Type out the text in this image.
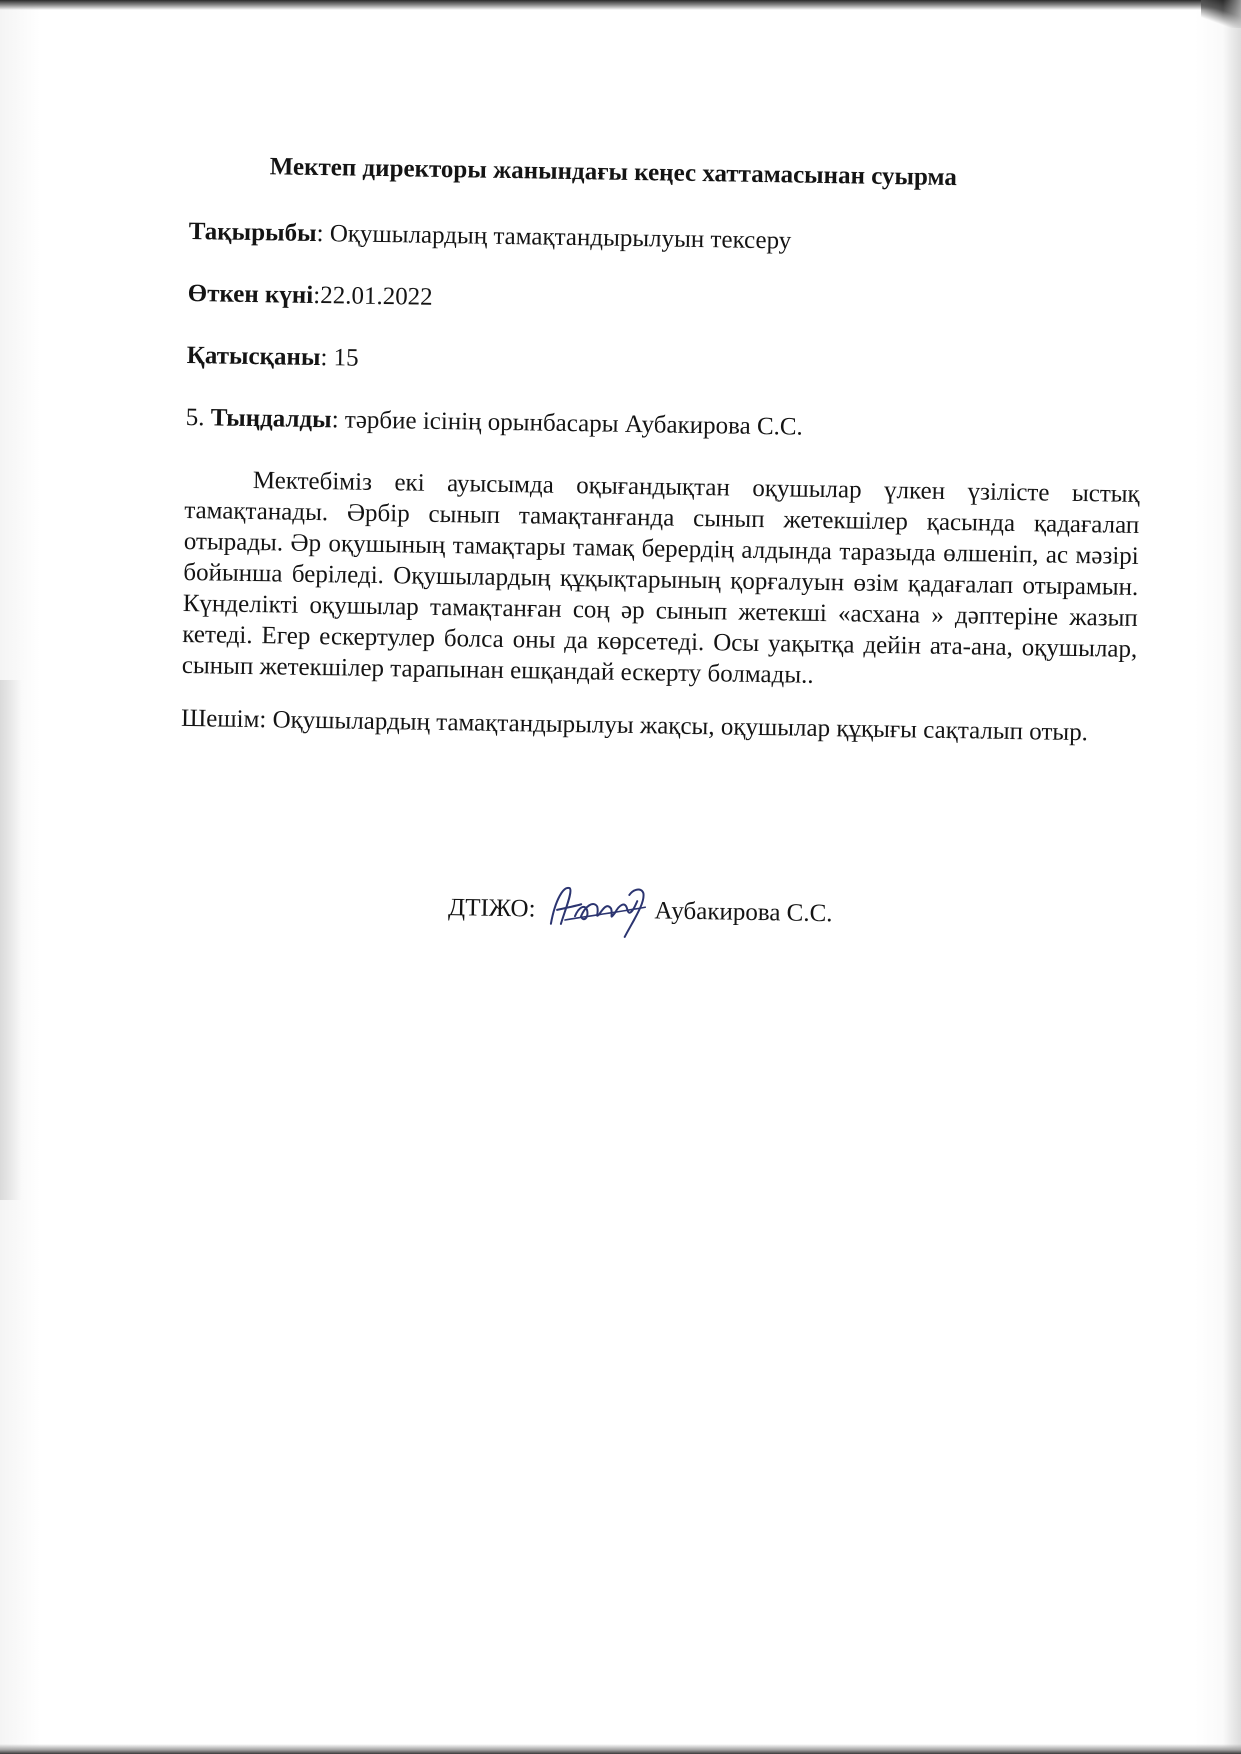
Мектеп директоры жанындағы кеңес хаттамасынан суырма

Тақырыбы: Оқушылардың тамақтандырылуын тексеру

Өткен күні:22.01.2022

Қатысқаны: 15

5. Тыңдалды: тәрбие ісінің орынбасары Аубакирова С.С.

Мектебіміз екі ауысымда оқығандықтан оқушылар үлкен үзілісте ыстық тамақтанады. Әрбір сынып тамақтанғанда сынып жетекшілер қасында қадағалап отырады. Әр оқушының тамақтары тамақ берердің алдында таразыда өлшеніп, ас мәзірі бойынша беріледі. Оқушылардың құқықтарының қорғалуын өзім қадағалап отырамын. Күнделікті оқушылар тамақтанған соң әр сынып жетекші «асхана » дәптеріне жазып кетеді. Егер ескертулер болса оны да көрсетеді. Осы уақытқа дейін ата-ана, оқушылар, сынып жетекшілер тарапынан ешқандай ескерту болмады..

Шешім: Оқушылардың тамақтандырылуы жақсы, оқушылар құқығы сақталып отыр.

ДТІЖО:	Аубакирова С.С.
